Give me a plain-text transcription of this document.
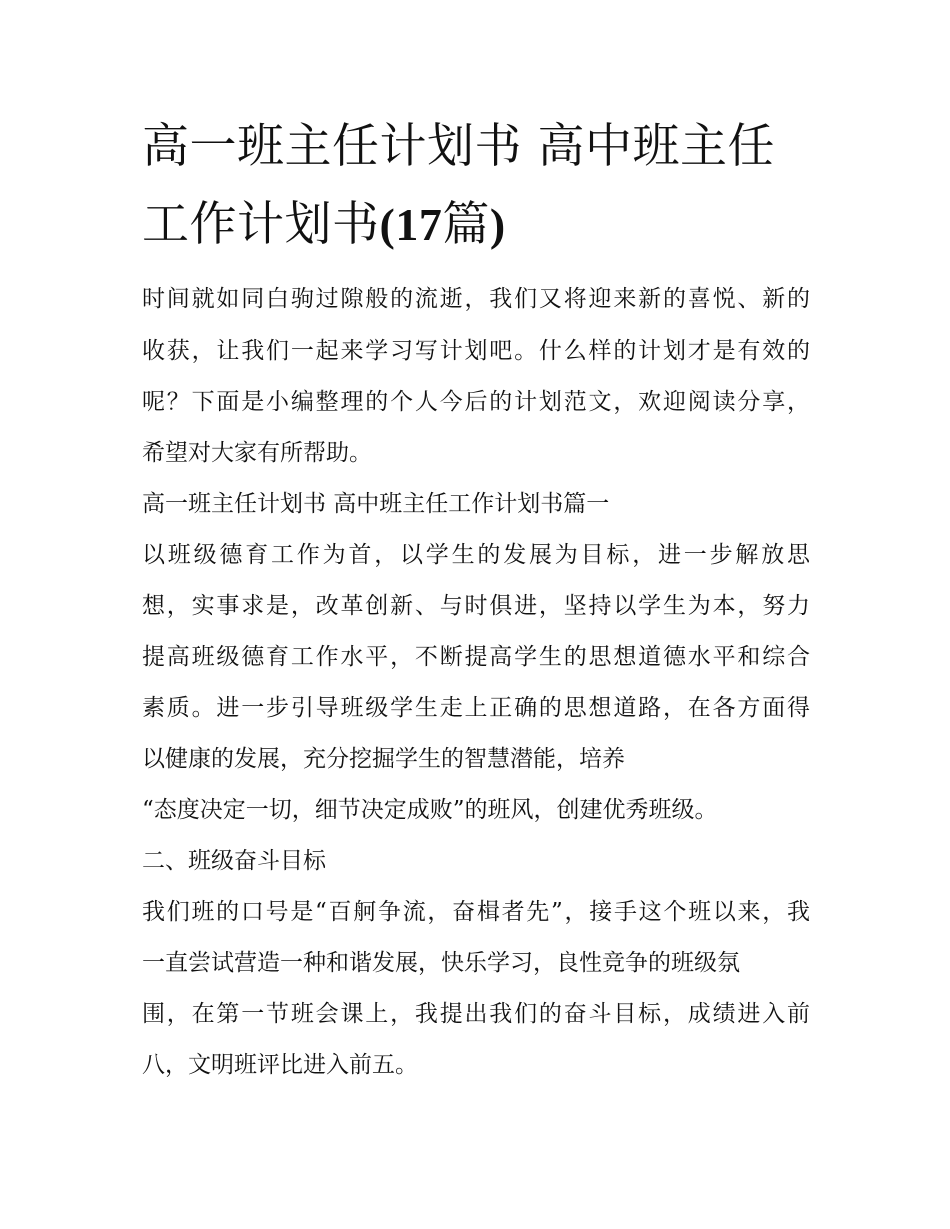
高一班主任计划书 高中班主任
工作计划书(17篇)
时间就如同白驹过隙般的流逝，我们又将迎来新的喜悦、新的
收获，让我们一起来学习写计划吧。什么样的计划才是有效的
呢？下面是小编整理的个人今后的计划范文，欢迎阅读分享，
希望对大家有所帮助。
高一班主任计划书 高中班主任工作计划书篇一
以班级德育工作为首，以学生的发展为目标，进一步解放思
想，实事求是，改革创新、与时俱进，坚持以学生为本，努力
提高班级德育工作水平，不断提高学生的思想道德水平和综合
素质。进一步引导班级学生走上正确的思想道路，在各方面得
以健康的发展，充分挖掘学生的智慧潜能，培养
“态度决定一切，细节决定成败”的班风，创建优秀班级。
二、班级奋斗目标
我们班的口号是“百舸争流，奋楫者先”，接手这个班以来，我
一直尝试营造一种和谐发展，快乐学习，良性竞争的班级氛
围，在第一节班会课上，我提出我们的奋斗目标，成绩进入前
八，文明班评比进入前五。
